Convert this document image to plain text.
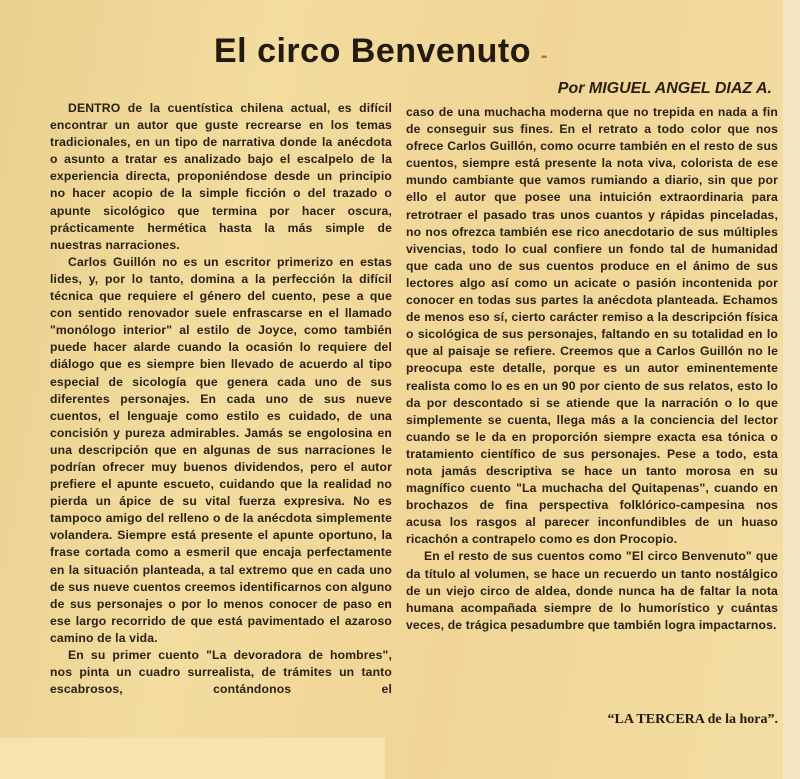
El circo Benvenuto -
Por MIGUEL ANGEL DIAZ A.

DENTRO de la cuentística chilena actual, es difícil encontrar un autor que guste recrearse en los temas tradicionales, en un tipo de narrativa donde la anécdota o asunto a tratar es analizado bajo el escalpelo de la experiencia directa, proponiéndose desde un principio no hacer acopio de la simple ficción o del trazado o apunte sicológico que termina por hacer oscura, prácticamente hermética hasta la más simple de nuestras narraciones.

Carlos Guillón no es un escritor primerizo en estas lides, y, por lo tanto, domina a la perfección la difícil técnica que requiere el género del cuento, pese a que con sentido renovador suele enfrascarse en el llamado "monólogo interior" al estilo de Joyce, como también puede hacer alarde cuando la ocasión lo requiere del diálogo que es siempre bien llevado de acuerdo al tipo especial de sicología que genera cada uno de sus diferentes personajes. En cada uno de sus nueve cuentos, el lenguaje como estilo es cuidado, de una concisión y pureza admirables. Jamás se engolosina en una descripción que en algunas de sus narraciones le podrían ofrecer muy buenos dividendos, pero el autor prefiere el apunte escueto, cuidando que la realidad no pierda un ápice de su vital fuerza expresiva. No es tampoco amigo del relleno o de la anécdota simplemente volandera. Siempre está presente el apunte oportuno, la frase cortada como a esmeril que encaja perfectamente en la situación planteada, a tal extremo que en cada uno de sus nueve cuentos creemos identificarnos con alguno de sus personajes o por lo menos conocer de paso en ese largo recorrido de que está pavimentado el azaroso camino de la vida.

En su primer cuento "La devoradora de hombres", nos pinta un cuadro surrealista, de trámites un tanto escabrosos, contándonos el

caso de una muchacha moderna que no trepida en nada a fin de conseguir sus fines. En el retrato a todo color que nos ofrece Carlos Guillón, como ocurre también en el resto de sus cuentos, siempre está presente la nota viva, colorista de ese mundo cambiante que vamos rumiando a diario, sin que por ello el autor que posee una intuición extraordinaria para retrotraer el pasado tras unos cuantos y rápidas pinceladas, no nos ofrezca también ese rico anecdotario de sus múltiples vivencias, todo lo cual confiere un fondo tal de humanidad que cada uno de sus cuentos produce en el ánimo de sus lectores algo así como un acicate o pasión incontenida por conocer en todas sus partes la anécdota planteada. Echamos de menos eso sí, cierto carácter remiso a la descripción física o sicológica de sus personajes, faltando en su totalidad en lo que al paisaje se refiere. Creemos que a Carlos Guillón no le preocupa este detalle, porque es un autor eminentemente realista como lo es en un 90 por ciento de sus relatos, esto lo da por descontado si se atiende que la narración o lo que simplemente se cuenta, llega más a la conciencia del lector cuando se le da en proporción siempre exacta esa tónica o tratamiento científico de sus personajes. Pese a todo, esta nota jamás descriptiva se hace un tanto morosa en su magnífico cuento "La muchacha del Quitapenas", cuando en brochazos de fina perspectiva folklórico-campesina nos acusa los rasgos al parecer inconfundibles de un huaso ricachón a contrapelo como es don Procopio.

En el resto de sus cuentos como "El circo Benvenuto" que da título al volumen, se hace un recuerdo un tanto nostálgico de un viejo circo de aldea, donde nunca ha de faltar la nota humana acompañada siempre de lo humorístico y cuántas veces, de trágica pesadumbre que también logra impactarnos.

“LA TERCERA de la hora”.
